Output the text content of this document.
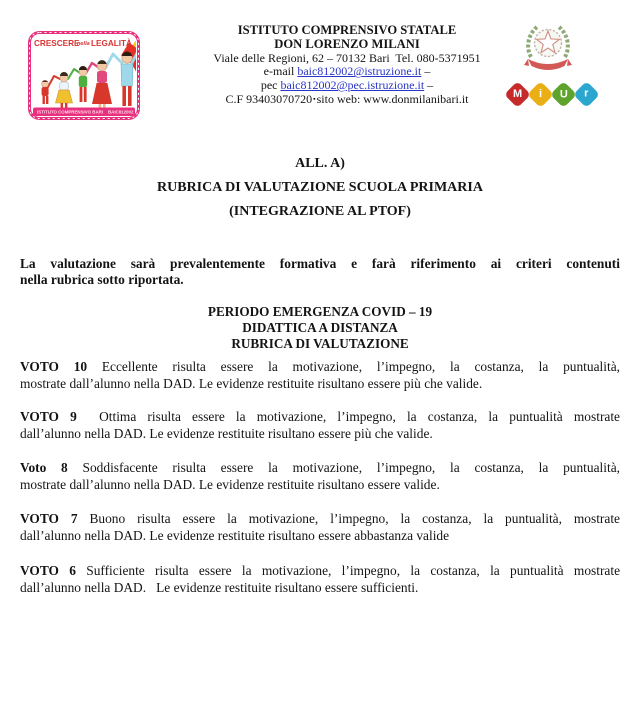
CRESCERE
nella LEGALITÀ
ISTITUTO COMPRENSIVO BARI BAIC812002
ISTITUTO COMPRENSIVO STATALE
DON LORENZO MILANI
Viale delle Regioni, 62 – 70132 Bari  Tel. 080-5371951
e-mail baic812002@istruzione.it –
pec baic812002@pec.istruzione.it –
C.F 93403070720▪sito web: www.donmilanibari.it	M i U r
ALL. A)
RUBRICA DI VALUTAZIONE SCUOLA PRIMARIA
(INTEGRAZIONE AL PTOF)
La valutazione sarà prevalentemente formativa e farà riferimento ai criteri contenuti
nella rubrica sotto riportata.
PERIODO EMERGENZA COVID – 19
DIDATTICA A DISTANZA
RUBRICA DI VALUTAZIONE

VOTO 10 Eccellente risulta essere la motivazione, l’impegno, la costanza, la puntualità,
mostrate dall’alunno nella DAD. Le evidenze restituite risultano essere più che valide.

VOTO 9  Ottima risulta essere la motivazione, l’impegno, la costanza, la puntualità mostrate
dall’alunno nella DAD. Le evidenze restituite risultano essere più che valide.

Voto 8 Soddisfacente risulta essere la motivazione, l’impegno, la costanza, la puntualità,
mostrate dall’alunno nella DAD. Le evidenze restituite risultano essere valide.

VOTO 7 Buono risulta essere la motivazione, l’impegno, la costanza, la puntualità, mostrate
dall’alunno nella DAD. Le evidenze restituite risultano essere abbastanza valide

VOTO 6 Sufficiente risulta essere la motivazione, l’impegno, la costanza, la puntualità mostrate
dall’alunno nella DAD.   Le evidenze restituite risultano essere sufficienti.
